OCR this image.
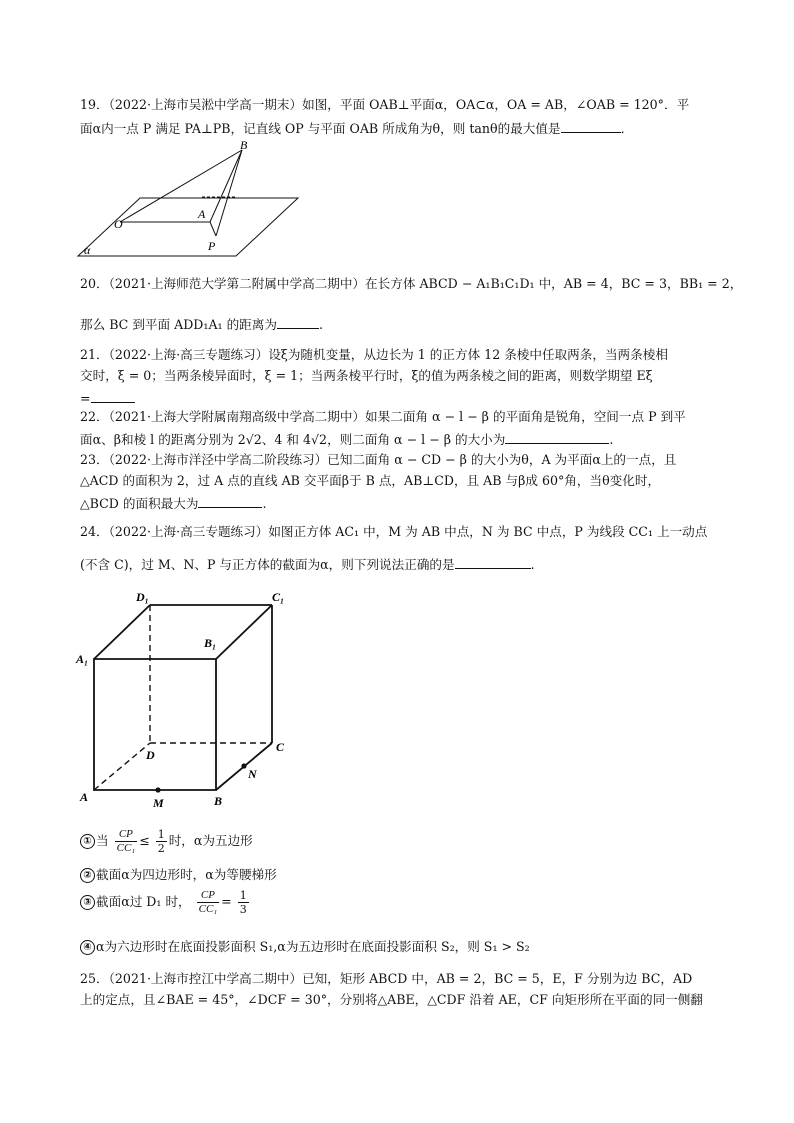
19．（2022·上海市吴淞中学高一期末）如图，平面 OAB⊥平面α，OA⊂α，OA = AB，∠OAB = 120°．平
面α内一点 P 满足 PA⊥PB，记直线 OP 与平面 OAB 所成角为θ，则 tanθ的最大值是	．
B
O
A
P
α
20．（2021·上海师范大学第二附属中学高二期中）在长方体 ABCD − A₁B₁C₁D₁ 中，AB = 4，BC = 3，BB₁ = 2，
那么 BC 到平面 ADD₁A₁ 的距离为	.
21．（2022·上海·高三专题练习）设ξ为随机变量，从边长为 1 的正方体 12 条棱中任取两条，当两条棱相
交时，ξ = 0；当两条棱异面时，ξ = 1；当两条棱平行时，ξ的值为两条棱之间的距离，则数学期望 Eξ
=
22．（2021·上海大学附属南翔高级中学高二期中）如果二面角 α − l − β 的平面角是锐角，空间一点 P 到平
面α、β和棱 l 的距离分别为 2√2、4 和 4√2，则二面角 α − l − β 的大小为	.
23．（2022·上海市洋泾中学高二阶段练习）已知二面角 α − CD − β 的大小为θ，A 为平面α上的一点，且
△ACD 的面积为 2，过 A 点的直线 AB 交平面β于 B 点，AB⊥CD，且 AB 与β成 60°角，当θ变化时，
△BCD 的面积最大为	.
24．（2022·上海·高三专题练习）如图正方体 AC₁ 中，M 为 AB 中点，N 为 BC 中点，P 为线段 CC₁ 上一动点
(不含 C)，过 M、N、P 与正方体的截面为α，则下列说法正确的是	.
D₁	C₁
A₁
B₁
D
C
N
A	M	B
① 当 $\frac{CP}{\text{CC₁}} \le \frac{1}{2}$ 时，α为五边形
② 截面α为四边形时，α为等腰梯形
③ 截面α过 D₁ 时， $\frac{CP}{\text{CC₁}} = \frac{1}{3}$
④ α为六边形时在底面投影面积 S₁,α为五边形时在底面投影面积 S₂，则 S₁ > S₂
25．（2021·上海市控江中学高二期中）已知，矩形 ABCD 中，AB = 2，BC = 5，E，F 分别为边 BC，AD
上的定点，且∠BAE = 45°，∠DCF = 30°，分别将△ABE，△CDF 沿着 AE，CF 向矩形所在平面的同一侧翻
